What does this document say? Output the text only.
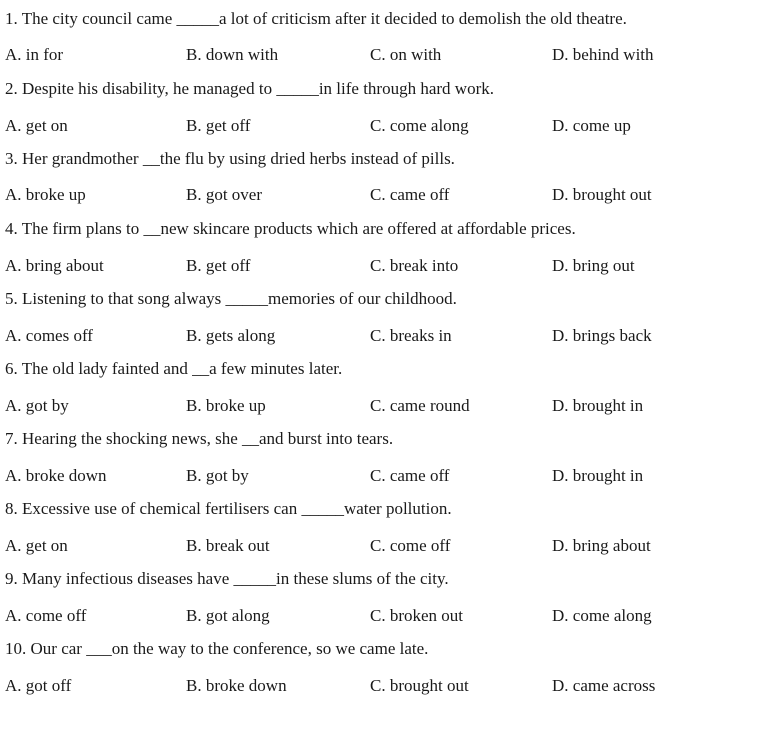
1. The city council came _____a lot of criticism after it decided to demolish the old theatre.
A. in for	B. down with	C. on with	D. behind with
2. Despite his disability, he managed to _____in life through hard work.
A. get on	B. get off	C. come along	D. come up
3. Her grandmother __the flu by using dried herbs instead of pills.
A. broke up	B. got over	C. came off	D. brought out
4. The firm plans to __new skincare products which are offered at affordable prices.
A. bring about	B. get off	C. break into	D. bring out
5. Listening to that song always _____memories of our childhood.
A. comes off	B. gets along	C. breaks in	D. brings back
6. The old lady fainted and __a few minutes later.
A. got by	B. broke up	C. came round	D. brought in
7. Hearing the shocking news, she __and burst into tears.
A. broke down	B. got by	C. came off	D. brought in
8. Excessive use of chemical fertilisers can _____water pollution.
A. get on	B. break out	C. come off	D. bring about
9. Many infectious diseases have _____in these slums of the city.
A. come off	B. got along	C. broken out	D. come along
10. Our car ___on the way to the conference, so we came late.
A. got off	B. broke down	C. brought out	D. came across
